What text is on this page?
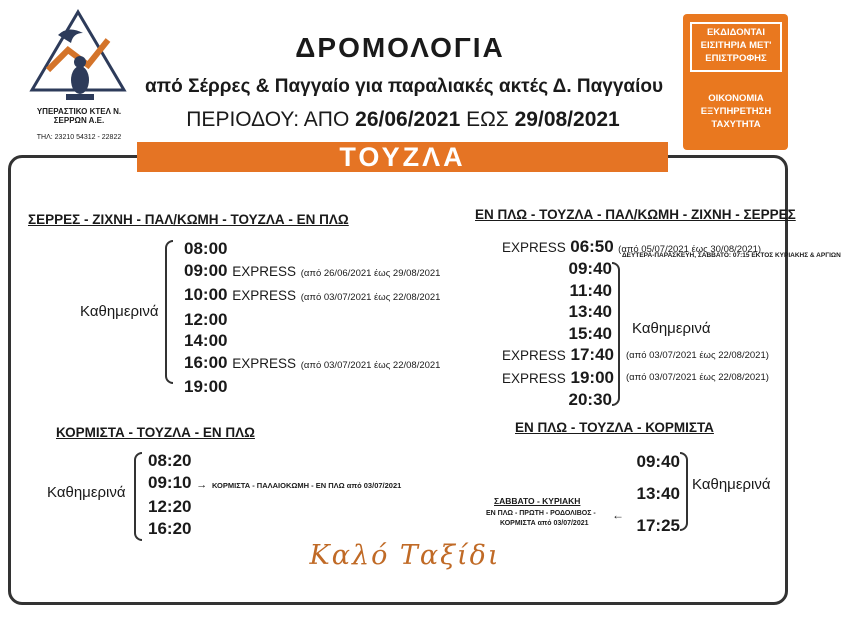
ΥΠΕΡΑΣΤΙΚΟ ΚΤΕΛ Ν. ΣΕΡΡΩΝ Α.Ε.
ΤΗΛ: 23210 54312 - 22822
ΔΡΟΜΟΛΟΓΙΑ
από Σέρρες & Παγγαίο για παραλιακές ακτές Δ. Παγγαίου
ΠΕΡΙΟΔΟΥ: ΑΠΟ 26/06/2021 ΕΩΣ 29/08/2021
ΕΚΔΙΔΟΝΤΑΙ ΕΙΣΙΤΗΡΙΑ ΜΕΤ' ΕΠΙΣΤΡΟΦΗΣ
ΟΙΚΟΝΟΜΙΑ ΕΞΥΠΗΡΕΤΗΣΗ ΤΑΧΥΤΗΤΑ
ΤΟΥΖΛΑ
ΣΕΡΡΕΣ - ΖΙΧΝΗ - ΠΑΛ/ΚΩΜΗ - ΤΟΥΖΛΑ - ΕΝ ΠΛΩ
Καθημερινά
08:00
09:00 EXPRESS (από 26/06/2021 έως 29/08/2021
10:00 EXPRESS (από 03/07/2021 έως 22/08/2021
12:00
14:00
16:00 EXPRESS (από 03/07/2021 έως 22/08/2021
19:00
ΕΝ ΠΛΩ - ΤΟΥΖΛΑ - ΠΑΛ/ΚΩΜΗ - ΖΙΧΝΗ - ΣΕΡΡΕΣ
EXPRESS 06:50 (από 05/07/2021 έως 30/08/2021)
ΔΕΥΤΕΡΑ-ΠΑΡΑΣΚΕΥΗ, ΣΑΒΒΑΤΟ: 07:15 ΕΚΤΟΣ ΚΥΡΙΑΚΗΣ & ΑΡΓΙΩΝ
09:40
11:40
13:40
15:40
EXPRESS 17:40
EXPRESS 19:00
20:30
Καθημερινά
(από 03/07/2021 έως 22/08/2021)
(από 03/07/2021 έως 22/08/2021)
ΚΟΡΜΙΣΤΑ - ΤΟΥΖΛΑ - ΕΝ ΠΛΩ
Καθημερινά
08:20
09:10 → ΚΟΡΜΙΣΤΑ - ΠΑΛΑΙΟΚΩΜΗ - ΕΝ ΠΛΩ από 03/07/2021
12:20
16:20
ΕΝ ΠΛΩ - ΤΟΥΖΛΑ - ΚΟΡΜΙΣΤΑ
09:40
13:40
17:25
Καθημερινά
ΣΑΒΒΑΤΟ - ΚΥΡΙΑΚΗ
ΕΝ ΠΛΩ - ΠΡΩΤΗ - ΡΟΔΟΛΙΒΟΣ -
ΚΟΡΜΙΣΤΑ από 03/07/2021
←
Καλό Ταξίδι
